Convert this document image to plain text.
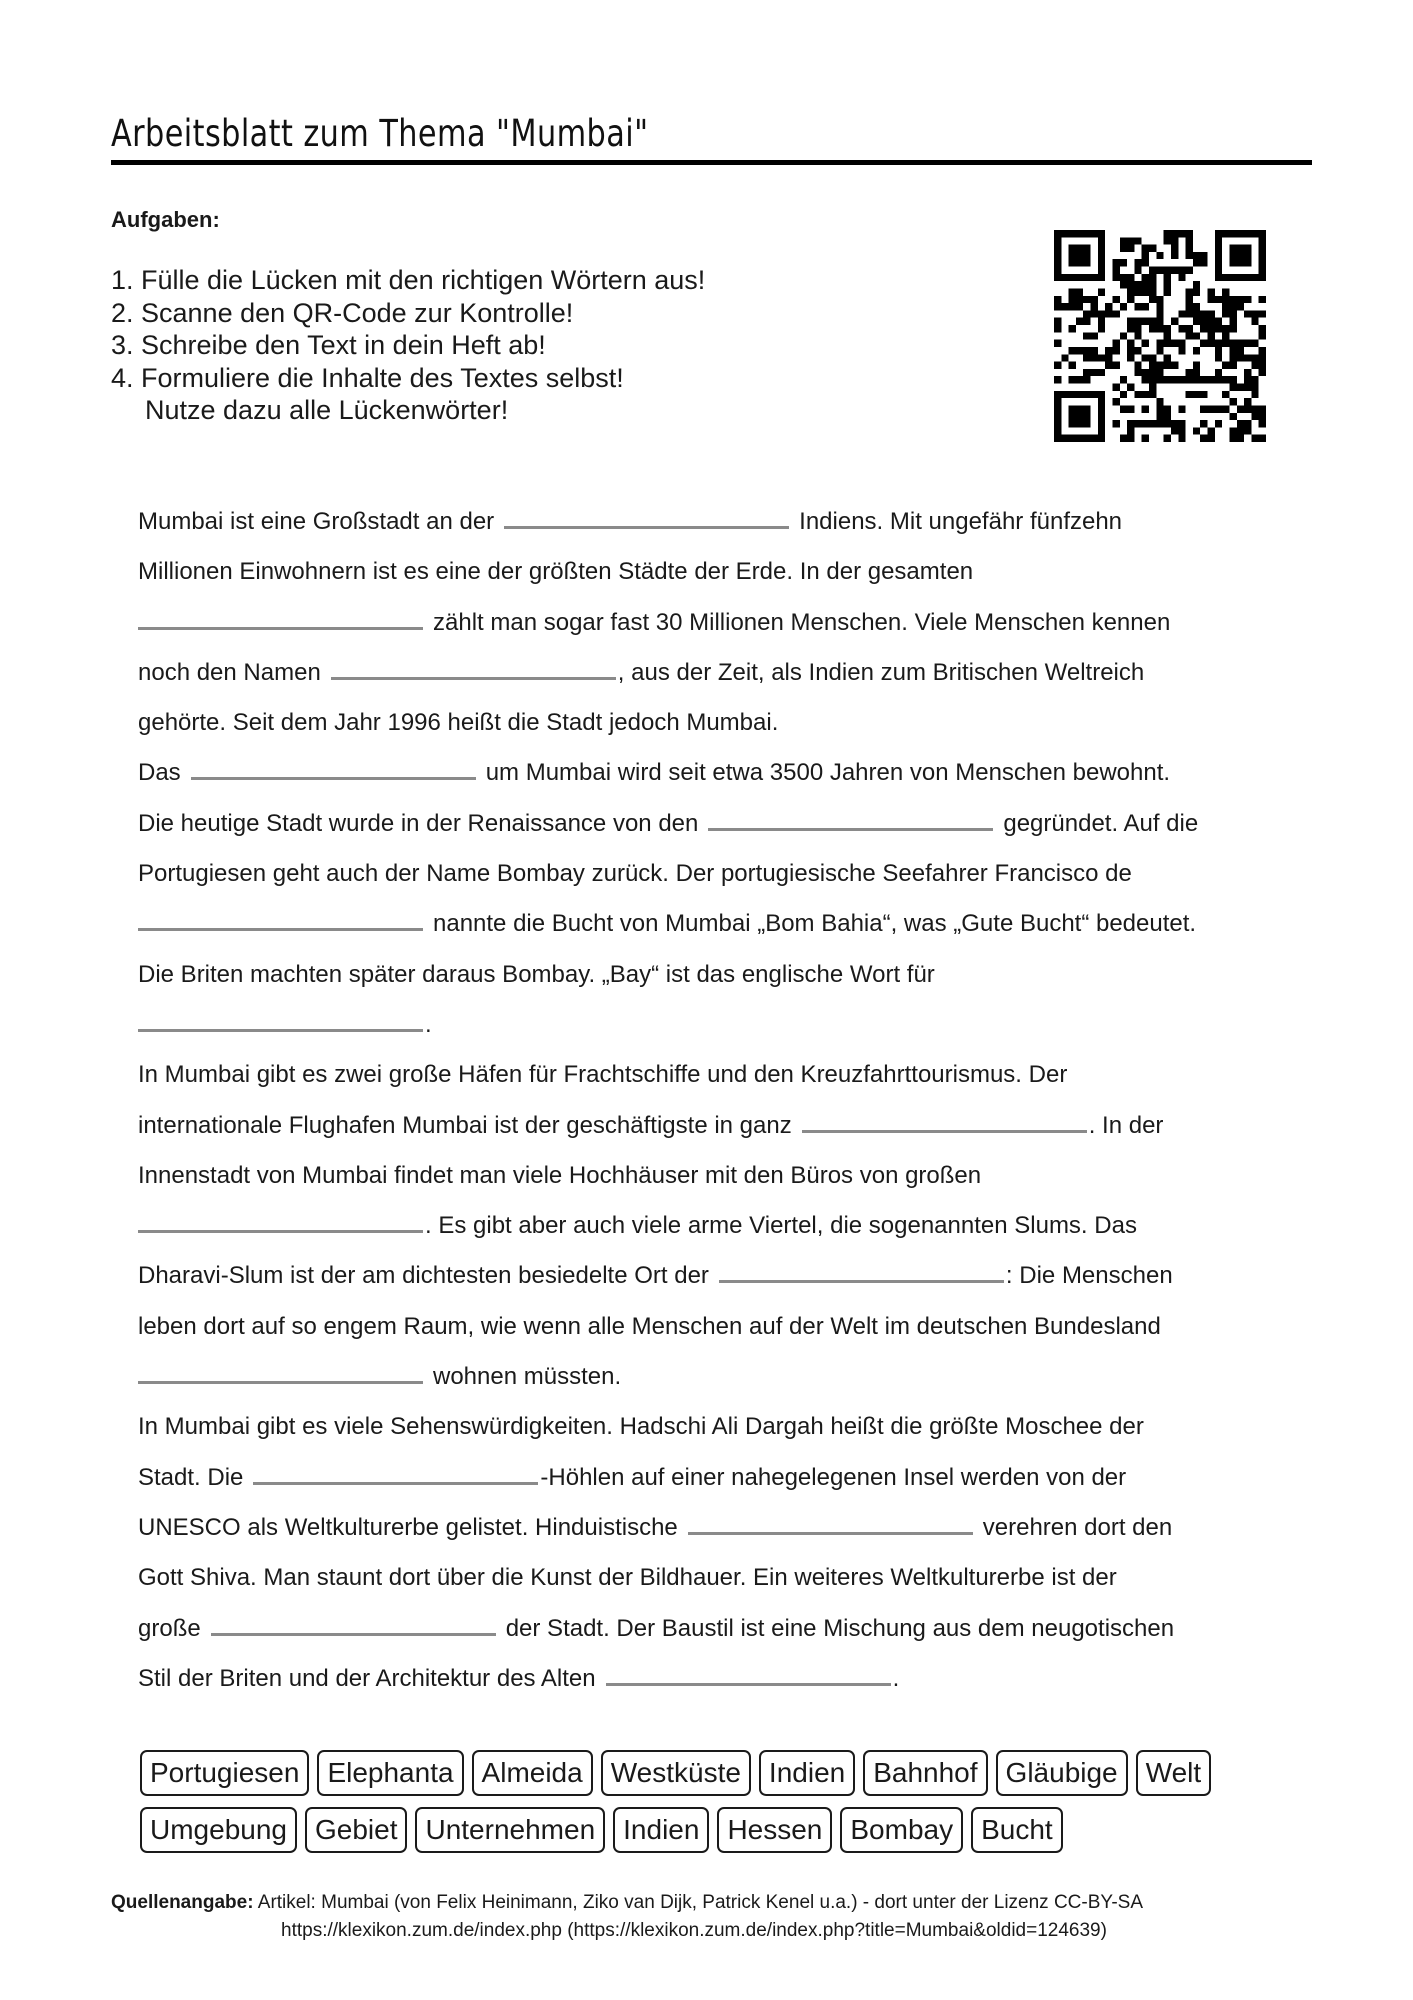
Arbeitsblatt zum Thema "Mumbai"
Aufgaben:
1. Fülle die Lücken mit den richtigen Wörtern aus!
2. Scanne den QR-Code zur Kontrolle!
3. Schreibe den Text in dein Heft ab!
4. Formuliere die Inhalte des Textes selbst!
Nutze dazu alle Lückenwörter!
Mumbai ist eine Großstadt an der	Indiens. Mit ungefähr fünfzehn
Millionen Einwohnern ist es eine der größten Städte der Erde. In der gesamten
zählt man sogar fast 30 Millionen Menschen. Viele Menschen kennen
noch den Namen	, aus der Zeit, als Indien zum Britischen Weltreich
gehörte. Seit dem Jahr 1996 heißt die Stadt jedoch Mumbai.
Das	um Mumbai wird seit etwa 3500 Jahren von Menschen bewohnt.
Die heutige Stadt wurde in der Renaissance von den	gegründet. Auf die
Portugiesen geht auch der Name Bombay zurück. Der portugiesische Seefahrer Francisco de
nannte die Bucht von Mumbai „Bom Bahia“, was „Gute Bucht“ bedeutet.
Die Briten machten später daraus Bombay. „Bay“ ist das englische Wort für
.
In Mumbai gibt es zwei große Häfen für Frachtschiffe und den Kreuzfahrttourismus. Der
internationale Flughafen Mumbai ist der geschäftigste in ganz	. In der
Innenstadt von Mumbai findet man viele Hochhäuser mit den Büros von großen
. Es gibt aber auch viele arme Viertel, die sogenannten Slums. Das
Dharavi-Slum ist der am dichtesten besiedelte Ort der	: Die Menschen
leben dort auf so engem Raum, wie wenn alle Menschen auf der Welt im deutschen Bundesland
wohnen müssten.
In Mumbai gibt es viele Sehenswürdigkeiten. Hadschi Ali Dargah heißt die größte Moschee der
Stadt. Die	-Höhlen auf einer nahegelegenen Insel werden von der
UNESCO als Weltkulturerbe gelistet. Hinduistische	verehren dort den
Gott Shiva. Man staunt dort über die Kunst der Bildhauer. Ein weiteres Weltkulturerbe ist der
große	der Stadt. Der Baustil ist eine Mischung aus dem neugotischen
Stil der Briten und der Architektur des Alten	.
Portugiesen	Elephanta	Almeida	Westküste	Indien	Bahnhof	Gläubige	Welt
Umgebung	Gebiet	Unternehmen	Indien	Hessen	Bombay	Bucht
Quellenangabe: Artikel: Mumbai (von Felix Heinimann, Ziko van Dijk, Patrick Kenel u.a.) - dort unter der Lizenz CC-BY-SA
https://klexikon.zum.de/index.php (https://klexikon.zum.de/index.php?title=Mumbai&oldid=124639)
